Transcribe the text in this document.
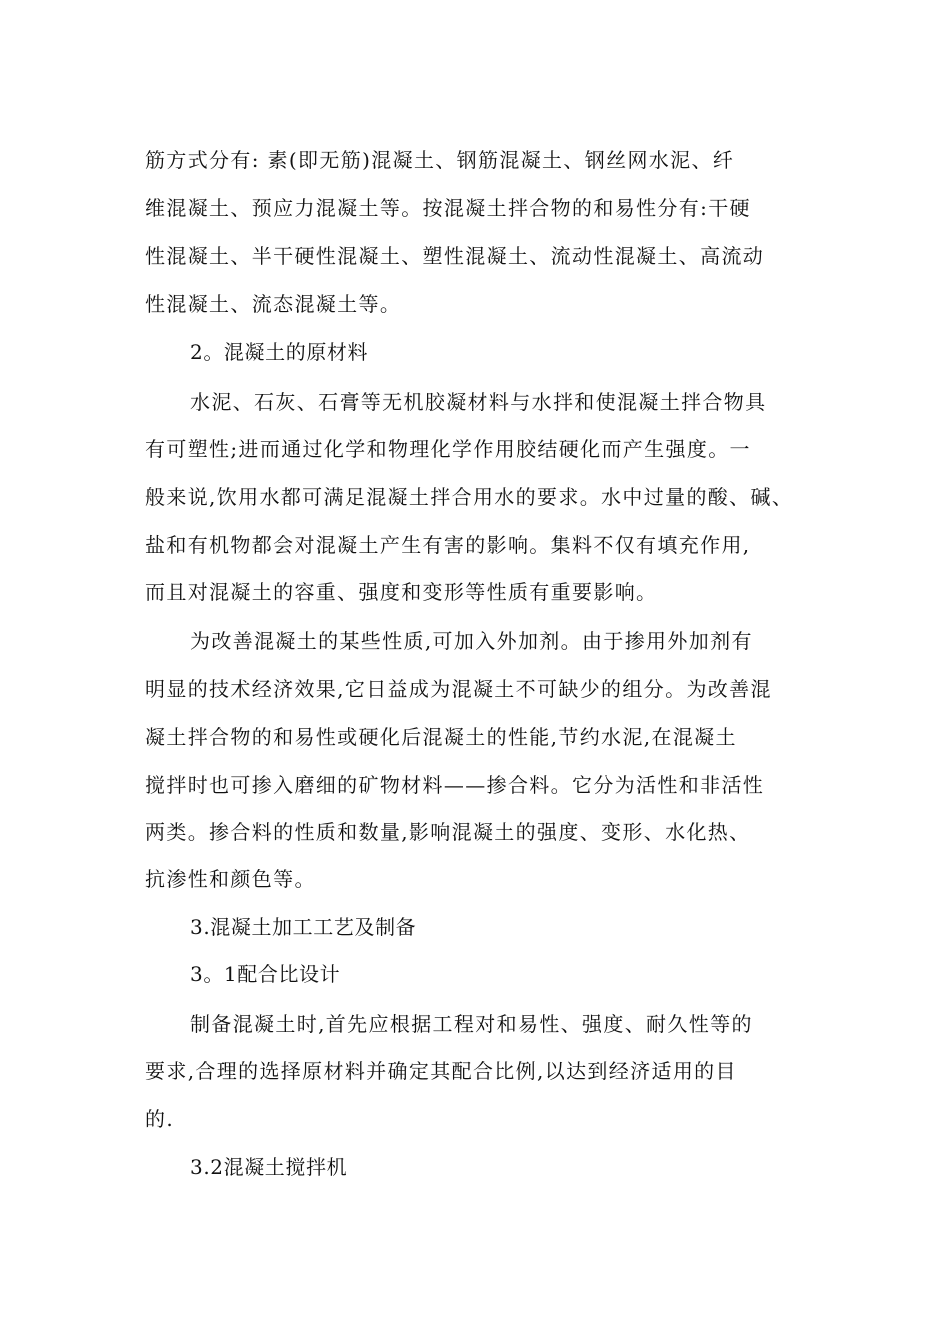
筋方式分有: 素(即无筋)混凝土、钢筋混凝土、钢丝网水泥、纤
维混凝土、预应力混凝土等。按混凝土拌合物的和易性分有:干硬
性混凝土、半干硬性混凝土、塑性混凝土、流动性混凝土、高流动
性混凝土、流态混凝土等。
2。混凝土的原材料
水泥、石灰、石膏等无机胶凝材料与水拌和使混凝土拌合物具
有可塑性;进而通过化学和物理化学作用胶结硬化而产生强度。一
般来说,饮用水都可满足混凝土拌合用水的要求。水中过量的酸、碱、
盐和有机物都会对混凝土产生有害的影响。集料不仅有填充作用,
而且对混凝土的容重、强度和变形等性质有重要影响。
为改善混凝土的某些性质,可加入外加剂。由于掺用外加剂有
明显的技术经济效果,它日益成为混凝土不可缺少的组分。为改善混
凝土拌合物的和易性或硬化后混凝土的性能,节约水泥,在混凝土
搅拌时也可掺入磨细的矿物材料——掺合料。它分为活性和非活性
两类。掺合料的性质和数量,影响混凝土的强度、变形、水化热、
抗渗性和颜色等。
3.混凝土加工工艺及制备
3。1配合比设计
制备混凝土时,首先应根据工程对和易性、强度、耐久性等的
要求,合理的选择原材料并确定其配合比例,以达到经济适用的目
的.
3.2混凝土搅拌机
